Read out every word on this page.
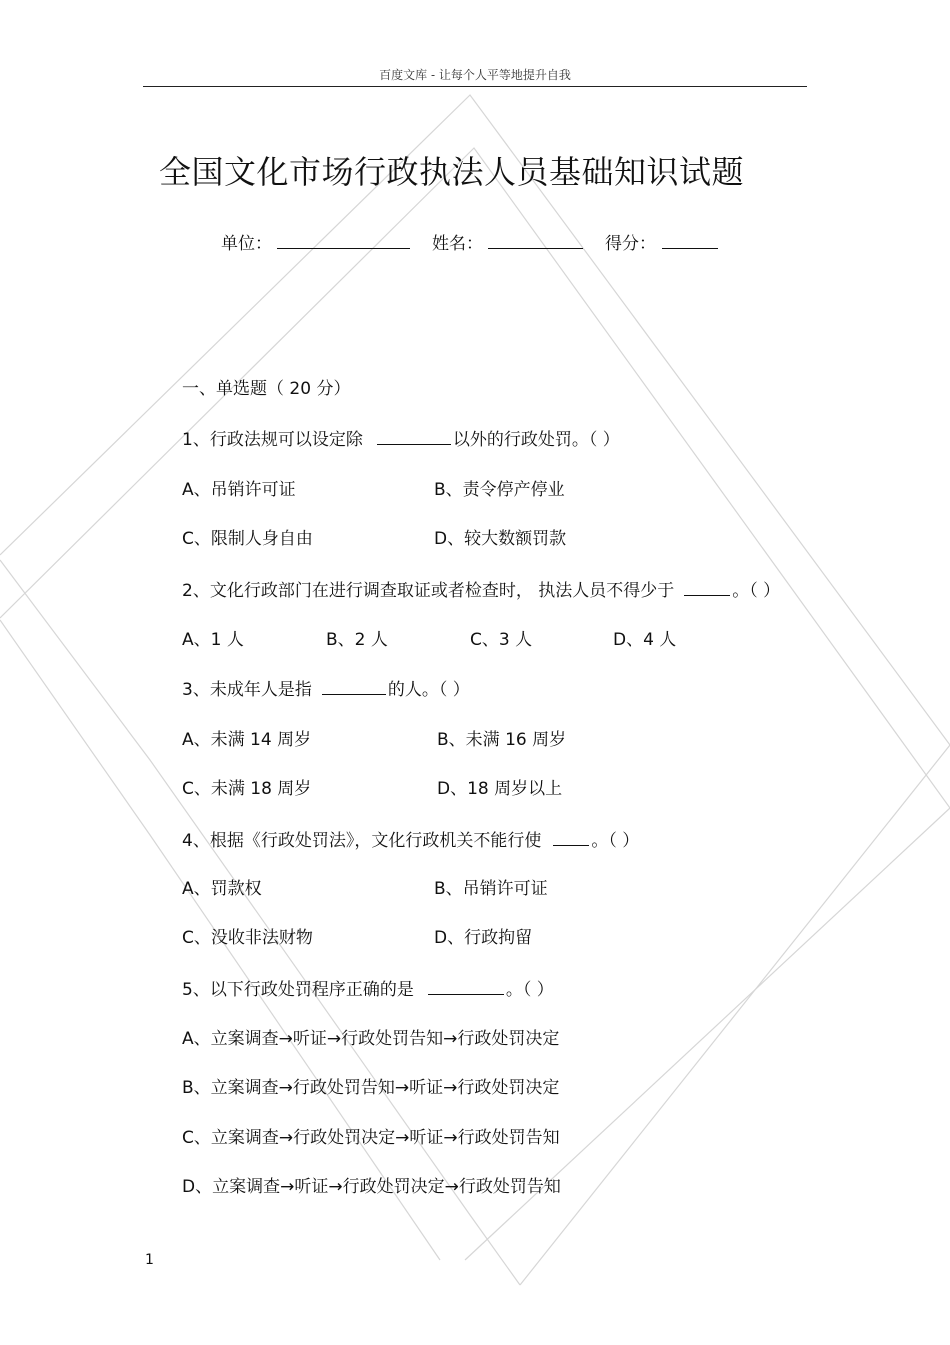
百度文库 - 让每个人平等地提升自我
全国文化市场行政执法人员基础知识试题
单位：	姓名：	得分：
一、单选题（ 20 分）
1、行政法规可以设定除	以外的行政处罚。（ ）
A、吊销许可证	B、责令停产停业
C、限制人身自由	D、较大数额罚款
2、文化行政部门在进行调查取证或者检查时， 执法人员不得少于	。（ ）
A、1 人	B、2 人	C、3 人	D、4 人
3、未成年人是指	的人。（ ）
A、未满 14 周岁	B、未满 16 周岁
C、未满 18 周岁	D、18 周岁以上
4、根据《行政处罚法》，文化行政机关不能行使	。（ ）
A、罚款权	B、吊销许可证
C、没收非法财物	D、行政拘留
5、以下行政处罚程序正确的是	。（ ）
A、立案调查→听证→行政处罚告知→行政处罚决定
B、立案调查→行政处罚告知→听证→行政处罚决定
C、立案调查→行政处罚决定→听证→行政处罚告知
D、立案调查→听证→行政处罚决定→行政处罚告知
1
